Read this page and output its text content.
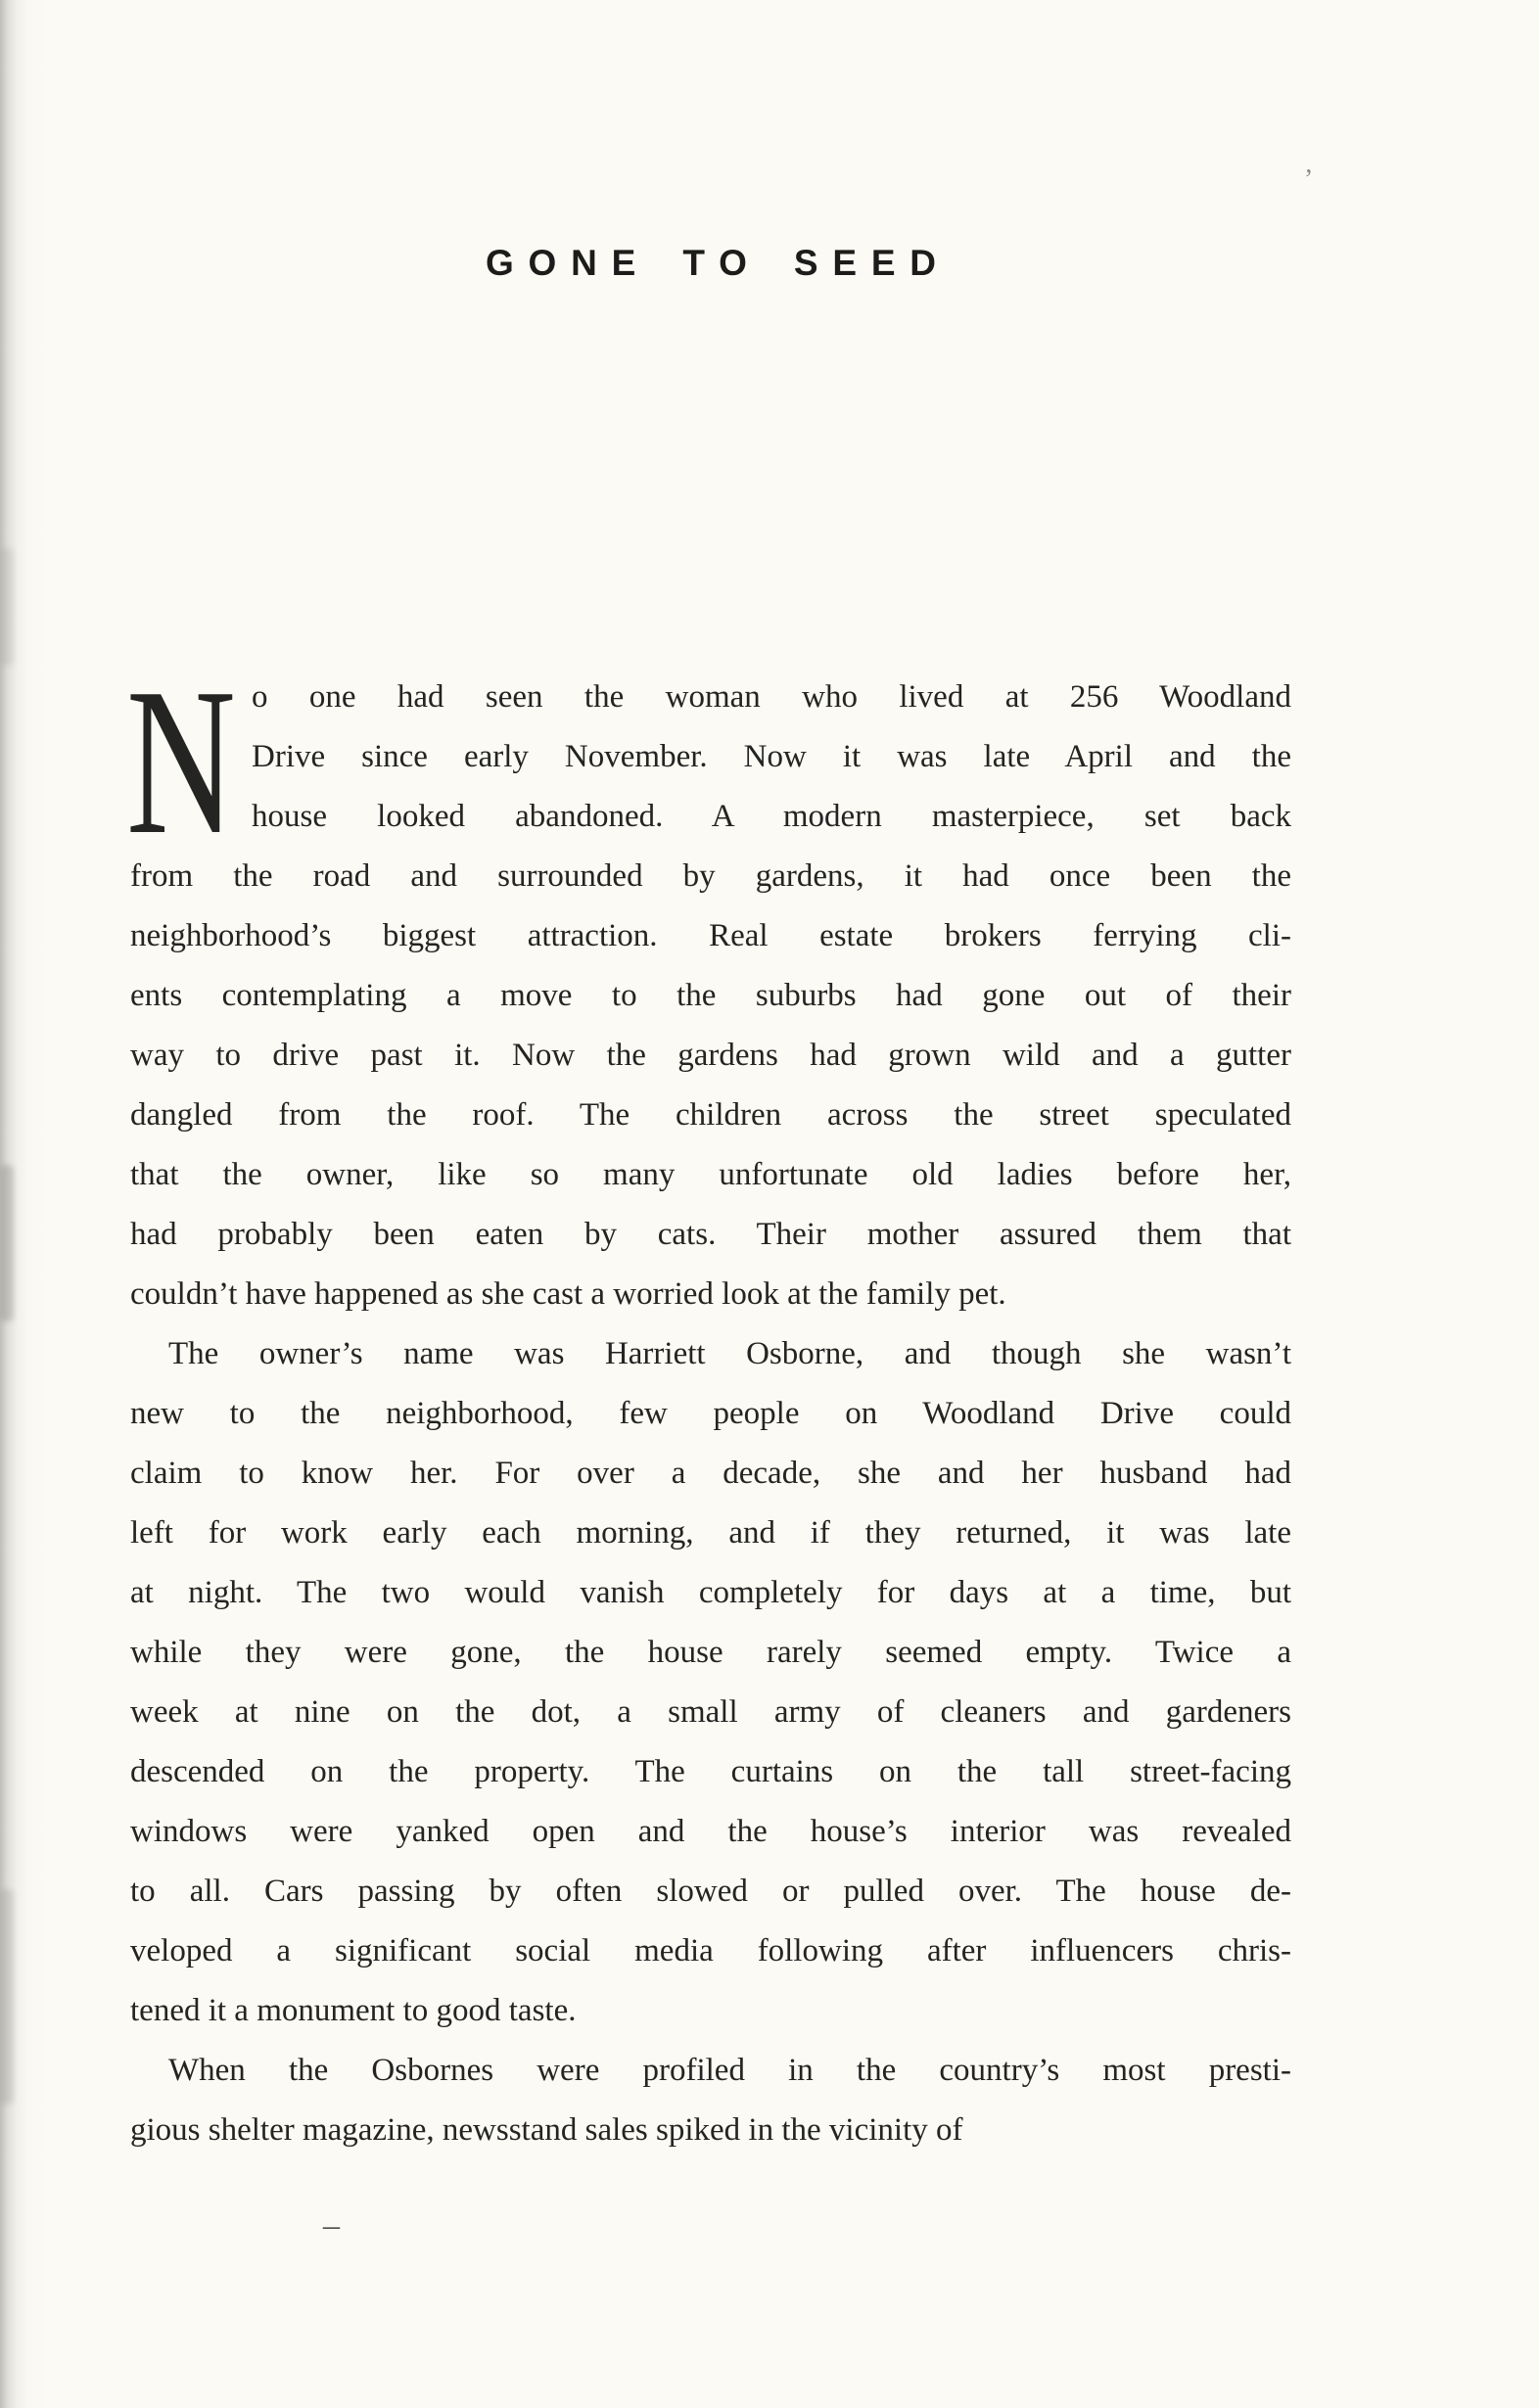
’
GONE TO SEED
N o one had seen the woman who lived at 256 Woodland
Drive since early November. Now it was late April and the
house looked abandoned. A modern masterpiece, set back
from the road and surrounded by gardens, it had once been the
neighborhood’s biggest attraction. Real estate brokers ferrying cli-
ents contemplating a move to the suburbs had gone out of their
way to drive past it. Now the gardens had grown wild and a gutter
dangled from the roof. The children across the street speculated
that the owner, like so many unfortunate old ladies before her,
had probably been eaten by cats. Their mother assured them that
couldn’t have happened as she cast a worried look at the family pet.
The owner’s name was Harriett Osborne, and though she wasn’t
new to the neighborhood, few people on Woodland Drive could
claim to know her. For over a decade, she and her husband had
left for work early each morning, and if they returned, it was late
at night. The two would vanish completely for days at a time, but
while they were gone, the house rarely seemed empty. Twice a
week at nine on the dot, a small army of cleaners and gardeners
descended on the property. The curtains on the tall street-facing
windows were yanked open and the house’s interior was revealed
to all. Cars passing by often slowed or pulled over. The house de-
veloped a significant social media following after influencers chris-
tened it a monument to good taste.
When the Osbornes were profiled in the country’s most presti-
gious shelter magazine, newsstand sales spiked in the vicinity of
–
